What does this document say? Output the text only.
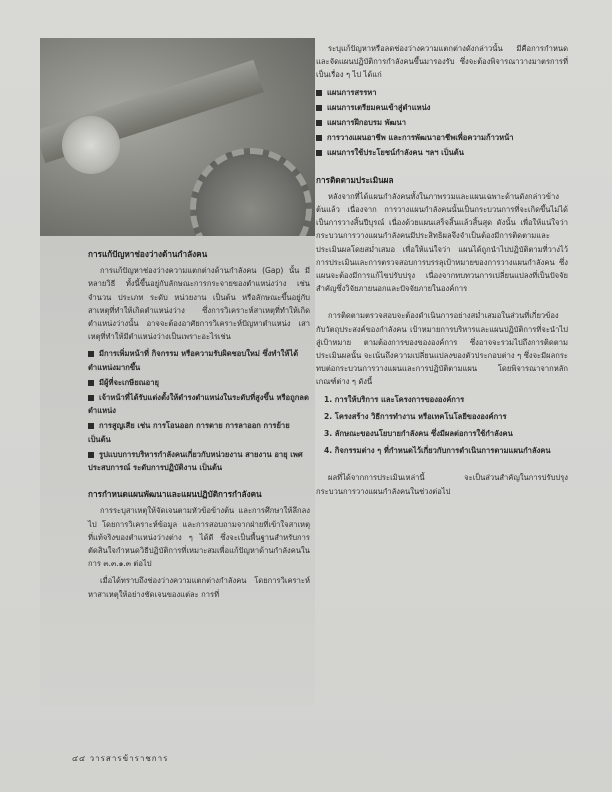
การแก้ปัญหาช่องว่างด้านกำลังคน

การแก้ปัญหาช่องว่างความแตกต่างด้านกำลังคน (Gap) นั้น มีหลายวิธี ทั้งนี้ขึ้นอยู่กับลักษณะการกระจายของตำแหน่งว่าง เช่น จำนวน ประเภท ระดับ หน่วยงาน เป็นต้น หรือลักษณะขึ้นอยู่กับสาเหตุที่ทำให้เกิดตำแหน่งว่าง ซึ่งการวิเคราะห์สาเหตุที่ทำให้เกิดตำแหน่งว่างนั้น อาจจะต้องอาศัยการวิเคราะห์ปัญหาตำแหน่ง เสาเหตุที่ทำให้มีตำแหน่งว่างเป็นเพราะอะไรเช่น

มีการเพิ่มหน้าที่ กิจกรรม หรือความรับผิดชอบใหม่ ซึ่งทำให้ได้ตำแหน่งมากขึ้น
มีผู้ที่จะเกษียณอายุ
เจ้าหน้าที่ได้รับแต่งตั้งให้ดำรงตำแหน่งในระดับที่สูงขึ้น หรือถูกลดตำแหน่ง
การสูญเสีย เช่น การโอนออก การตาย การลาออก การย้าย เป็นต้น
รูปแบบการบริหารกำลังคนเกี่ยวกับหน่วยงาน สายงาน อายุ เพศ ประสบการณ์ ระดับการปฏิบัติงาน เป็นต้น
การกำหนดแผนพัฒนาและแผนปฏิบัติการกำลังคน

การระบุสาเหตุให้จัดเจนตามหัวข้อข้างต้น และการศึกษาให้ลึกลงไป โดยการวิเคราะห์ข้อมูล และการสอบถามจากฝ่ายที่เข้าใจสาเหตุที่แท้จริงของตำแหน่งว่างต่าง ๆ ได้ดี ซึ่งจะเป็นพื้นฐานสำหรับการตัดสินใจกำหนดวิธีปฏิบัติการที่เหมาะสมเพื่อแก้ปัญหาด้านกำลังคนในการ ๓.๓.๑.๓ ต่อไป

เมื่อได้ทราบถึงช่องว่างความแตกต่างกำลังคน โดยการวิเคราะห์หาสาเหตุให้อย่างชัดเจนของแต่ละ การที่

ระบุแก้ปัญหาหรือลดช่องว่างความแตกต่างดังกล่าวนั้น มีคือการกำหนดและจัดแผนปฏิบัติการกำลังคนขึ้นมารองรับ ซึ่งจะต้องพิจารณาวางมาตรการที่เป็นเรื่อง ๆ ไป ได้แก่

แผนการสรรหา
แผนการเตรียมคนเข้าสู่ตำแหน่ง
แผนการฝึกอบรม พัฒนา
การวางแผนอาชีพ และการพัฒนาอาชีพเพื่อความก้าวหน้า
แผนการใช้ประโยชน์กำลังคน ฯลฯ เป็นต้น
การติดตามประเมินผล

หลังจากที่ได้แผนกำลังคนทั้งในภาพรวมและแผนเฉพาะด้านดังกล่าวข้างต้นแล้ว เนื่องจาก การวางแผนกำลังคนนั้นเป็นกระบวนการที่จะเกิดขึ้นไม่ได้เป็นการวางสิ้นปีบุรณ์ เนื่องด้วยแผนเสร็จสิ้นแล้วสิ้นสุด ดังนั้น เพื่อให้แน่ใจว่า กระบวนการวางแผนกำลังคนมีประสิทธิผลจึงจำเป็นต้องมีการติดตามและประเมินผลโดยสม่ำเสมอ เพื่อให้แน่ใจว่า แผนได้ถูกนำไปปฏิบัติตามที่วางไว้ การประเมินและการตรวจสอบการบรรลุเป้าหมายของการวางแผนกำลังคน ซึ่งแผนจะต้องมีการแก้ไขปรับปรุง เนื่องจากทบทวนการเปลี่ยนแปลงที่เป็นปัจจัยสำคัญซึ่งวิจัยภายนอกและปัจจัยภายในองค์การ

การติดตามตรวจสอบจะต้องดำเนินการอย่างสม่ำเสมอในส่วนที่เกี่ยวข้องกับวัตถุประสงค์ของกำลังคน เป้าหมายการบริหารและแผนปฏิบัติการที่จะนำไปสู่เป้าหมาย ตามต้องการของขององค์การ ซึ่งอาจจะรวมไปถึงการติดตาม ประเมินผลนั้น จะเน้นถึงความเปลี่ยนแปลงของตัวประกอบต่าง ๆ ซึ่งจะมีผลกระทบต่อกระบวนการวางแผนและการปฏิบัติตามแผน โดยพิจารณาจากหลักเกณฑ์ต่าง ๆ ดังนี้

1. การให้บริการ และโครงการขององค์การ
2. โครงสร้าง วิธีการทำงาน หรือเทคโนโลยีขององค์การ
3. ลักษณะของนโยบายกำลังคน ซึ่งมีผลต่อการใช้กำลังคน
4. กิจกรรมต่าง ๆ ที่กำหนดไว้เกี่ยวกับการดำเนินการตามแผนกำลังคน

ผลที่ได้จากการประเมินเหล่านี้ จะเป็นส่วนสำคัญในการปรับปรุงกระบวนการวางแผนกำลังคนในช่วงต่อไป

๔๔ วารสารข้าราชการ
